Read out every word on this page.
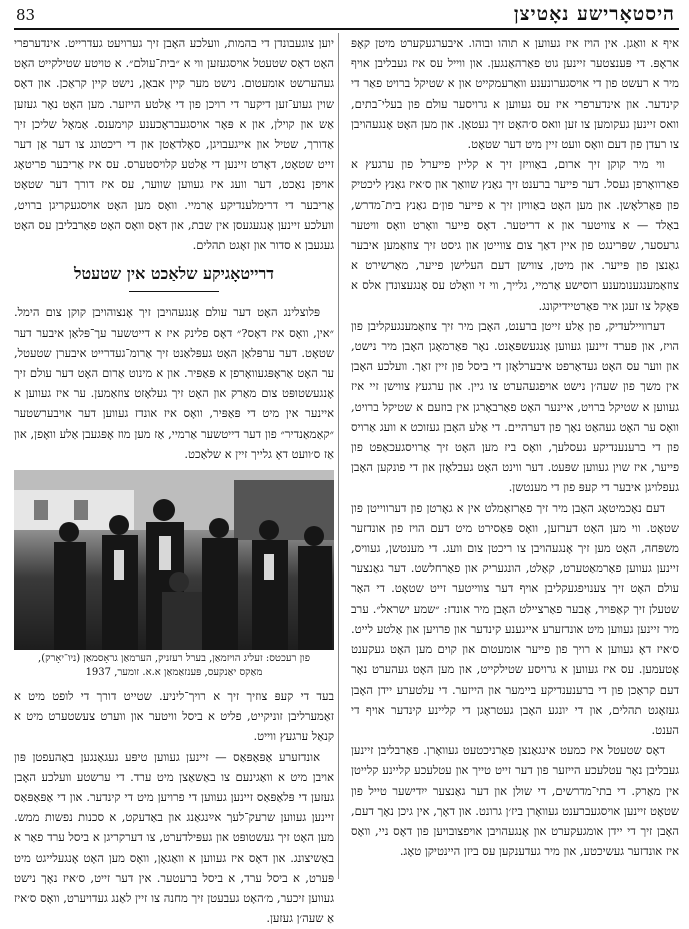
83	היסטאָרישע נאָטיצן

איף א וואַגן. אין הויז איז געווען א תוהו ובוהו. איבערגעקערט מיטן קאָפּ אראָפּ. די פּענצטער זיינען גוט פאַרהאַנגען. און ווייל עס איז געבליבן אויף מיר א רעשט פון די אויסגערונענע וואַרעמקייט און א שטיקל ברויט פאַר די קינדער. און אינדערפרי איז עס געווען א גרויסער עולם פון בעלי־בתים, וואס זיינען געקומען צו זען וואס ס׳האָט זיך געטאָן. און מען האָט אָנגעהויבן צו רעדן פון דעם וואָס וועט זיין מיט דער שטאָט.

ווי מיר קוקן זיך ארום, באַוויזן זיך א קליין פייערל פון ערגעץ א פאַרוואָרפן געסל. דער פייער ברענט זיך גאַנץ שוואַך און ס׳איז גאַנץ ליכטיק פון פאַרלאָשן. און מען האָט באַוויזן זיך א פייער פון׳ם גאַנץ בית־מדרש, באַלד — א צוויטער און א דריטער. דאָס פייער וואָרט וואָס וויטער גרעסער, שפּרינגט פון איין דאַך צום צווייטן און גיסט זיך צוזאַמען איבער גאַנצן פון פּייער. און מיטן, צווישן דעם העלישן פייער, מאַרשירט א צוזאַמענגענומענע רוסישע אַרמיי, גלייך, ווי זי וואָלט עס אָנגעצונדן אלס א פּאָקל צו זעגן איר פאַרטיידיקונג.

דערוויילעדיק, פון אַלע זייטן ברענט, האָבן מיר זיך צוזאַמענגעקליבן פון הויז, און פערד זיינען געווען אַנגעשפּאַנט. נאָר פאַרמאָגן האָבן מיר נישט, און ווער עס האָט געדאַרפט איבערלאָזן די ביסל פון זיין זאַך. וועלכע האָבן אין משך פון שעה׳ן נישט אויפגעהערט צו גיין. און ערגעץ צווישן זיי איז געווען א שטיקל ברויט, איינער האָט פאַרבאָרגן אין בוזעם א שטיקל ברויט, וואָס ער האָט געהאַט נאָך פון דערהיים. די אַלע האָבן געזוכט א וועג אַרויס פון די ברענענדיקע געסלעך, וואָס ביז מען האָט זיך אַרויסגעכאַפּט פון פייער, איז שוין געווען שפּעט. דער ווינט האָט געבלאָזן און די פונקען האָבן געפלויגן איבער די קעפּ פון די מענטשן.

דעם נאָכמיטאָג האָבן מיר זיך פאַרזאַמלט אין א גאָרטן פון דערווייטן פון שטאָט. ווי מען האָט דערזען, וואָס פּאַסירט מיט דעם הויז פון אונדזער משפּחה, האָט מען זיך אָנגעהויבן צו ריכטן צום וועג. די מענטשן, געוויס, זיינען געווען פאַרמאַטערט, קאַלט, הונגעריק און פאַרחלשט. דער גאַנצער עולם האָט זיך צענויפגעקליבן אויף דער צווייטער זייט שטאָט. די האַר שטעלן זיך קאַפּויר, אָבער פאַרציילט האָבן מיר אונדז: ״שמע ישראל״. ערב מיר זיינען געווען מיט אונדזערע אייגענע קינדער און פרויען און אַלטע לייט. ס׳איז דאָ געווען א רויך פון פייער אומעטום און קוים מען האָט געקענט אָטעמען. עס איז געווען א גרויסע שטילקייט, און מען האָט געהערט נאָר דעם קראַכן פון די ברענענדיקע ביימער און הייזער. די עלטערע יידן האָבן געזאָגט תהלים, און די יונגע האָבן געטראָגן די קליינע קינדער אויף די הענט.

דאָס שטעטל איז כמעט אינגאַנצן פאַרניכטעט געוואָרן. פאַרבליבן זיינען געבליבן נאָר עטלעכע הייזער פון דער זייט טייך און עטלעכע קליינע קלייטן אין מאַרק. די בתי־מדרשים, די שולן און דער גאַנצער ייִדישער טייל פון שטאָט זיינען אויסגעברענט געוואָרן ביז׳ן גרונט. און דאָך, אין גיכן נאָך דעם, האָבן זיך די יידן אומגעקערט און אָנגעהויבן אויפצובויען פון דאָס ניי, וואָס איז אונדזער געשיכטע, און מיר געדענקען עס ביזן היינטיקן טאָג.

יוען צוגעבונדן די בהמות, וועלכע האָבן זיך גערויעט געדרייט. אינדערפרי האָט דאָס שטעטל אויסגעזען ווי א ״בית־עולם״. א טויטע שטילקייט האָט געהערשט אומעטום. נישט מער קיין אבאַן, נישט קיין קראַכן. און דאָס שוין געוע־זען דיקער די רויכן פון די אַלטע הייזער. מען האָט נאָר געזען אַש און קוילן, און א פּאָר אויסגעבראָכענע קוימענס. אַמאָל שליכן זיך אַדורך, שטיל און אייגעבויגן, סאָלדאַטן און די ריכטונג צו דער אַן דער זייט שטאָט, דאָרט זיינען די אַלטע קלויסטערס. עס איז אַריבער פריטאָג אויפן נאַכט, דער וועג איז געווען שווער, עס איז דורך דער שטאָט אַריבער די דרימלענדיקע אַרמיי. וואָס מען האָט אויסגעקריגן ברויט, וועלכע זיינען אָנגעגעסן אין שבת, און דאָס וואָס האָט פאַרבליבן עס האָט געגעבן א סדור און זאָגט תהלים.

דרייטאָגיקע שלאַכט אין שטעטל

פּלוצלינג האָט דער עולם אָנגעהויבן זיך אָנצוהויבן קוקן צום הימל. ״אין, וואָס איז דאָס?״ דאָס פלינק איז א דייטשער ערָ־פּלאַן איבער דער שטאָט. דער ערפּלאַן האָט געפּלאַנט זיך אַרומ־געדרייט איבערן שטעטל, ער האָט אַראָפּגעוואָרפן א פּאַפּיר. און א מינוט אַרום האָט דער עולם זיך אָנגעשטופּט צום מאַרק און האָט זיך געלאָזט צוזאַמען. ער איז געווען א איינער אין מיט די פּאַפּיר, וואָס איז אונדז געווען דער אויבערשטער ״קאַמאַנדיר״ פון דער דייטשער אַרמיי, אַז מען מוז אָפּגעבן אַלע וואָפן, און אַז ס׳וועט דאָ גלייך זיין א שלאַכט.

פון רעכטס: זעליג הויזמאַן, בערל רעזניק, הערמאַן גראָסמאַן (ניו־יאָרק),
מאַקס יאַנקעס, פּענזאַמאַן א.א. זומער, 1937

בעד די קעפּ צוזיך זיך א רויך־ליניע. שטייט דורך די לופט מיט א זאַמערליבן זוניקייט, פליט א ביסל וויטער און ווערט צעשטערט מיט א קנאַל ערגעץ ווייט.

אונדזערע אַפּאַפּאַס — זיינען געווען טיפּע געגאַנגען באַהעפטן פּון אויבן מיט א וואַגינעם צו באַשאַצן מיט ערד. די ערשטע וועלכע האָבן געזען די פּלאַפּאַס זיינען געווען די פרויען מיט די קינדער. און די אַפּאַפּאַס זיינען געווען שרעק־לעך אײַנגאַנג און באַדעקט, א סכנות נפשות ממש. מען האָט זיך געשטופּט און געפּילדערט, צו דערקריגן א ביסל ערד פאַר א באַשיצונג. און דאָס איז געווען א וואַגאָן, וואָס מען האָט אָנגעלייגט מיט פּערט, א ביסל ערד, א ביסל ברעטער. אין דער זייט, ס׳איז נאָך נישט געווען זיכער, מ׳האָט געבעטן זיך מחנה צו זיין לאַנג געדויערט, וואָס ס׳איז אַ שעה׳ן געזען.
